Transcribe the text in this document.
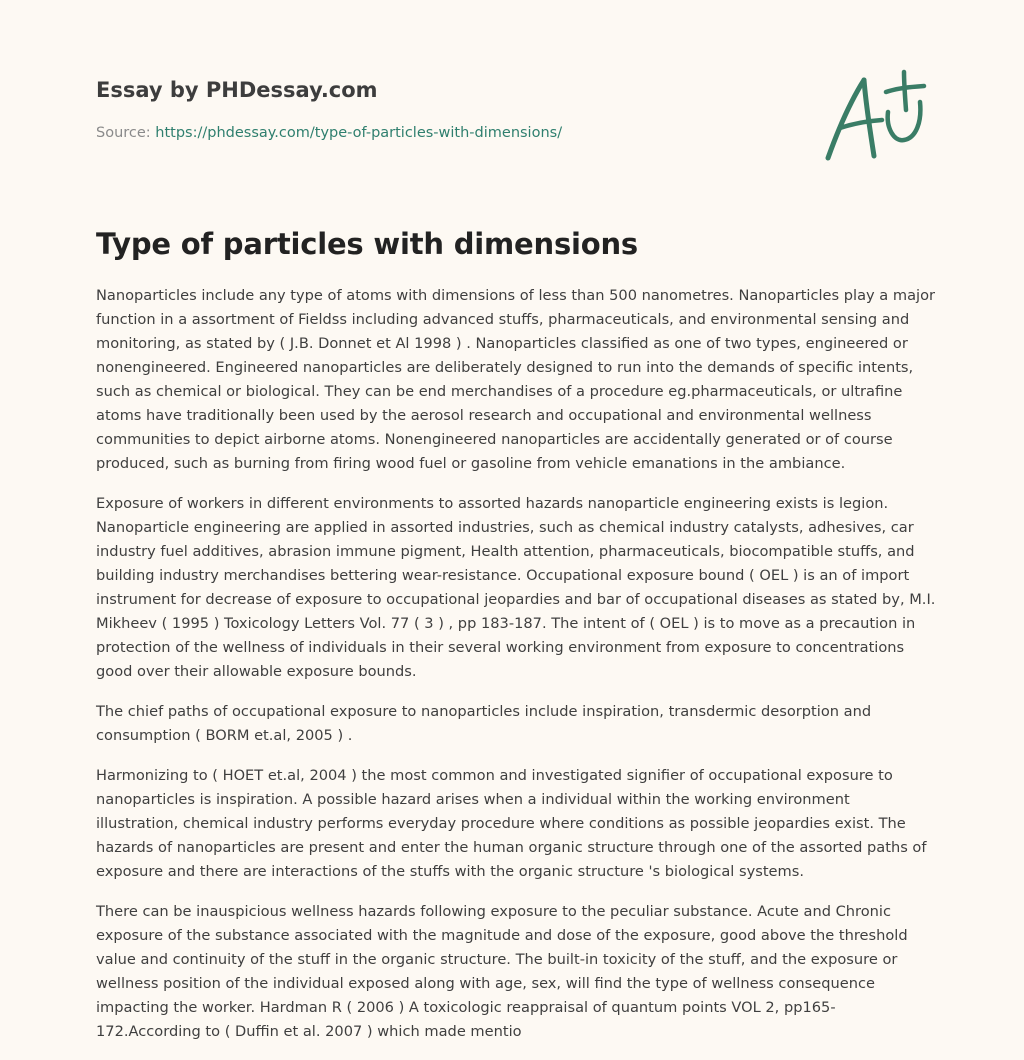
Essay by PHDessay.com
Source: https://phdessay.com/type-of-particles-with-dimensions/
Type of particles with dimensions

Nanoparticles include any type of atoms with dimensions of less than 500 nanometres. Nanoparticles play a major function in a assortment of Fieldss including advanced stuffs, pharmaceuticals, and environmental sensing and monitoring, as stated by ( J.B. Donnet et Al 1998 ) . Nanoparticles classified as one of two types, engineered or nonengineered. Engineered nanoparticles are deliberately designed to run into the demands of specific intents, such as chemical or biological. They can be end merchandises of a procedure eg.pharmaceuticals, or ultrafine atoms have traditionally been used by the aerosol research and occupational and environmental wellness communities to depict airborne atoms. Nonengineered nanoparticles are accidentally generated or of course produced, such as burning from firing wood fuel or gasoline from vehicle emanations in the ambiance.

Exposure of workers in different environments to assorted hazards nanoparticle engineering exists is legion. Nanoparticle engineering are applied in assorted industries, such as chemical industry catalysts, adhesives, car industry fuel additives, abrasion immune pigment, Health attention, pharmaceuticals, biocompatible stuffs, and building industry merchandises bettering wear-resistance. Occupational exposure bound ( OEL ) is an of import instrument for decrease of exposure to occupational jeopardies and bar of occupational diseases as stated by, M.I. Mikheev ( 1995 ) Toxicology Letters Vol. 77 ( 3 ) , pp 183-187. The intent of ( OEL ) is to move as a precaution in protection of the wellness of individuals in their several working environment from exposure to concentrations good over their allowable exposure bounds.

The chief paths of occupational exposure to nanoparticles include inspiration, transdermic desorption and consumption ( BORM et.al, 2005 ) .

Harmonizing to ( HOET et.al, 2004 ) the most common and investigated signifier of occupational exposure to nanoparticles is inspiration. A possible hazard arises when a individual within the working environment illustration, chemical industry performs everyday procedure where conditions as possible jeopardies exist. The hazards of nanoparticles are present and enter the human organic structure through one of the assorted paths of exposure and there are interactions of the stuffs with the organic structure 's biological systems.

There can be inauspicious wellness hazards following exposure to the peculiar substance. Acute and Chronic exposure of the substance associated with the magnitude and dose of the exposure, good above the threshold value and continuity of the stuff in the organic structure. The built-in toxicity of the stuff, and the exposure or wellness position of the individual exposed along with age, sex, will find the type of wellness consequence impacting the worker. Hardman R ( 2006 ) A toxicologic reappraisal of quantum points VOL 2, pp165-172.According to ( Duffin et al. 2007 ) which made mentio
